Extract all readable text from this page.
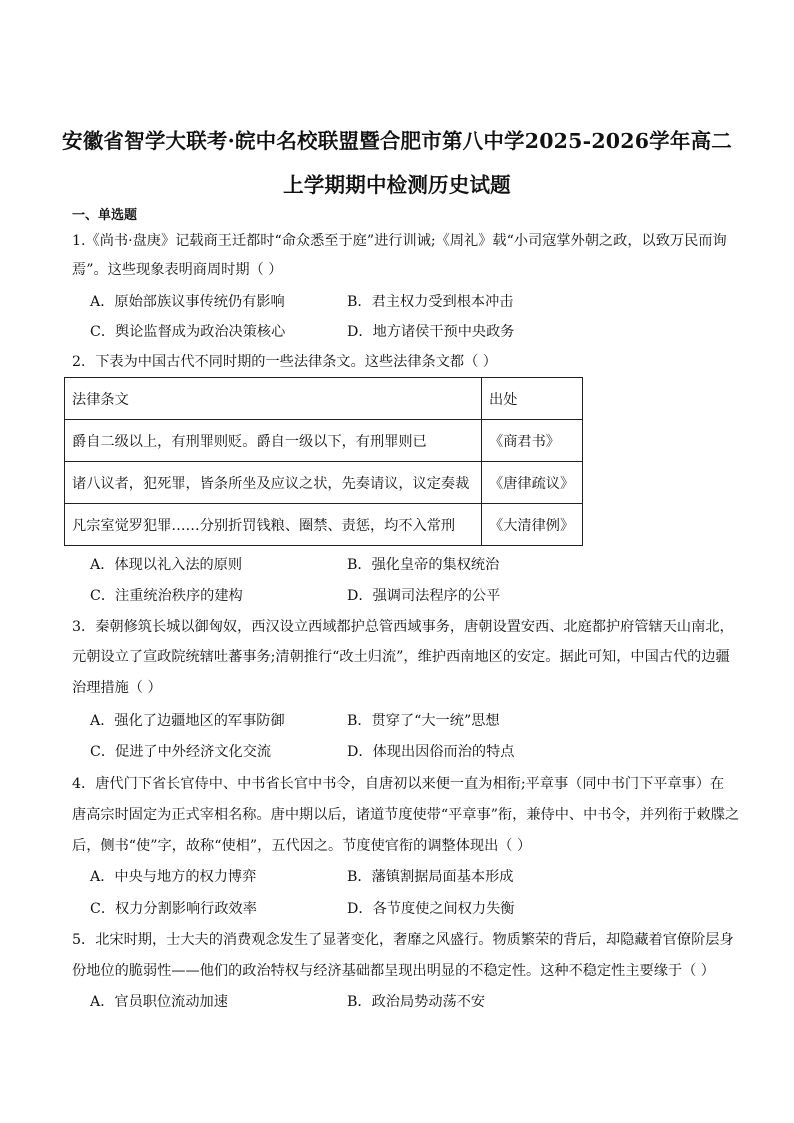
安徽省智学大联考·皖中名校联盟暨合肥市第八中学2025-2026学年高二
上学期期中检测历史试题
一、单选题
1.《尚书·盘庚》记载商王迁都时“命众悉至于庭”进行训诫;《周礼》载“小司寇掌外朝之政，以致万民而询
焉”。这些现象表明商周时期（ ）
A．原始部族议事传统仍有影响	B．君主权力受到根本冲击
C．舆论监督成为政治决策核心	D．地方诸侯干预中央政务
2．下表为中国古代不同时期的一些法律条文。这些法律条文都（ ）
法律条文	出处
爵自二级以上，有刑罪则贬。爵自一级以下，有刑罪则已	《商君书》
诸八议者，犯死罪，皆条所坐及应议之状，先奏请议，议定奏裁	《唐律疏议》
凡宗室觉罗犯罪……分别折罚钱粮、圈禁、责惩，均不入常刑	《大清律例》
A．体现以礼入法的原则	B．强化皇帝的集权统治
C．注重统治秩序的建构	D．强调司法程序的公平
3．秦朝修筑长城以御匈奴，西汉设立西域都护总管西域事务，唐朝设置安西、北庭都护府管辖天山南北，
元朝设立了宣政院统辖吐蕃事务;清朝推行“改土归流”，维护西南地区的安定。据此可知，中国古代的边疆
治理措施（ ）
A．强化了边疆地区的军事防御	B．贯穿了“大一统”思想
C．促进了中外经济文化交流	D．体现出因俗而治的特点
4．唐代门下省长官侍中、中书省长官中书令，自唐初以来便一直为相衔;平章事（同中书门下平章事）在
唐高宗时固定为正式宰相名称。唐中期以后，诸道节度使带“平章事”衔，兼侍中、中书令，并列衔于敕牒之
后，侧书“使”字，故称“使相”，五代因之。节度使官衔的调整体现出（ ）
A．中央与地方的权力博弈	B．藩镇割据局面基本形成
C．权力分割影响行政效率	D．各节度使之间权力失衡
5．北宋时期，士大夫的消费观念发生了显著变化，奢靡之风盛行。物质繁荣的背后，却隐藏着官僚阶层身
份地位的脆弱性——他们的政治特权与经济基础都呈现出明显的不稳定性。这种不稳定性主要缘于（ ）
A．官员职位流动加速	B．政治局势动荡不安
